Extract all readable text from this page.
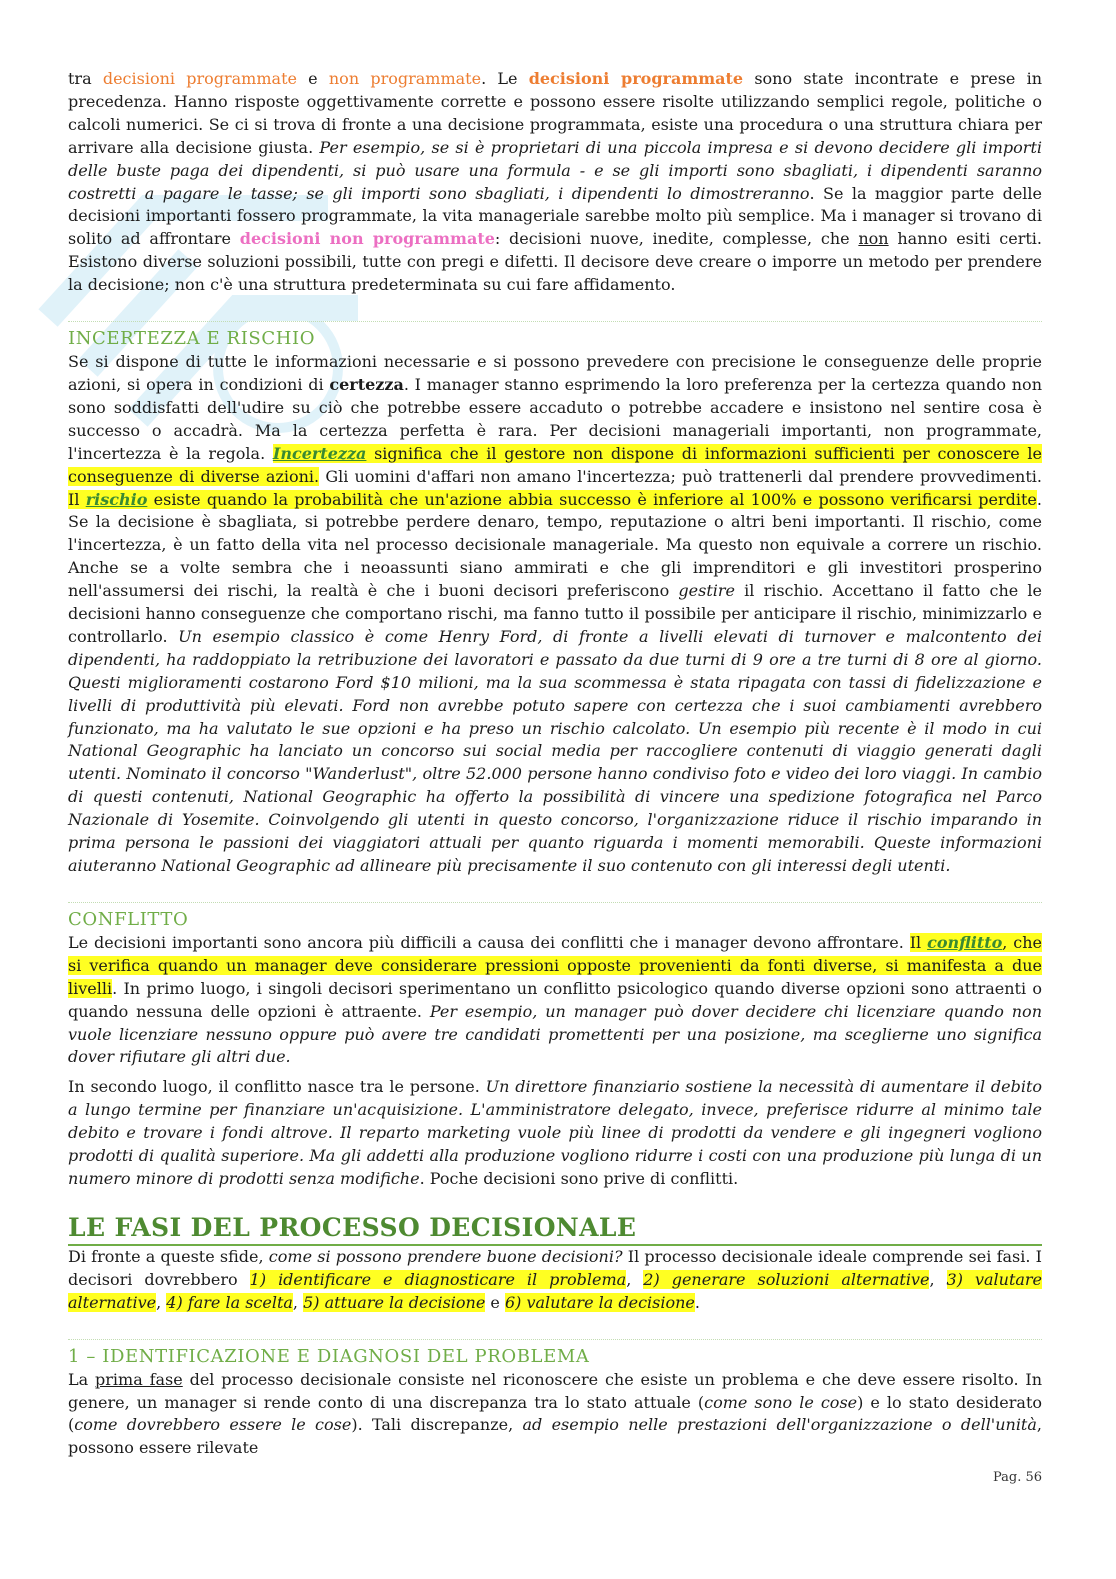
tra decisioni programmate e non programmate. Le decisioni programmate sono state incontrate e prese in precedenza. Hanno risposte oggettivamente corrette e possono essere risolte utilizzando semplici regole, politiche o calcoli numerici. Se ci si trova di fronte a una decisione programmata, esiste una procedura o una struttura chiara per arrivare alla decisione giusta. Per esempio, se si è proprietari di una piccola impresa e si devono decidere gli importi delle buste paga dei dipendenti, si può usare una formula - e se gli importi sono sbagliati, i dipendenti saranno costretti a pagare le tasse; se gli importi sono sbagliati, i dipendenti lo dimostreranno. Se la maggior parte delle decisioni importanti fossero programmate, la vita manageriale sarebbe molto più semplice. Ma i manager si trovano di solito ad affrontare decisioni non programmate: decisioni nuove, inedite, complesse, che non hanno esiti certi. Esistono diverse soluzioni possibili, tutte con pregi e difetti. Il decisore deve creare o imporre un metodo per prendere la decisione; non c'è una struttura predeterminata su cui fare affidamento.

INCERTEZZA E RISCHIO

Se si dispone di tutte le informazioni necessarie e si possono prevedere con precisione le conseguenze delle proprie azioni, si opera in condizioni di certezza. I manager stanno esprimendo la loro preferenza per la certezza quando non sono soddisfatti dell'udire su ciò che potrebbe essere accaduto o potrebbe accadere e insistono nel sentire cosa è successo o accadrà. Ma la certezza perfetta è rara. Per decisioni manageriali importanti, non programmate, l'incertezza è la regola. Incertezza significa che il gestore non dispone di informazioni sufficienti per conoscere le conseguenze di diverse azioni. Gli uomini d'affari non amano l'incertezza; può trattenerli dal prendere provvedimenti. Il rischio esiste quando la probabilità che un'azione abbia successo è inferiore al 100% e possono verificarsi perdite. Se la decisione è sbagliata, si potrebbe perdere denaro, tempo, reputazione o altri beni importanti. Il rischio, come l'incertezza, è un fatto della vita nel processo decisionale manageriale. Ma questo non equivale a correre un rischio. Anche se a volte sembra che i neoassunti siano ammirati e che gli imprenditori e gli investitori prosperino nell'assumersi dei rischi, la realtà è che i buoni decisori preferiscono gestire il rischio. Accettano il fatto che le decisioni hanno conseguenze che comportano rischi, ma fanno tutto il possibile per anticipare il rischio, minimizzarlo e controllarlo. Un esempio classico è come Henry Ford, di fronte a livelli elevati di turnover e malcontento dei dipendenti, ha raddoppiato la retribuzione dei lavoratori e passato da due turni di 9 ore a tre turni di 8 ore al giorno. Questi miglioramenti costarono Ford $10 milioni, ma la sua scommessa è stata ripagata con tassi di fidelizzazione e livelli di produttività più elevati. Ford non avrebbe potuto sapere con certezza che i suoi cambiamenti avrebbero funzionato, ma ha valutato le sue opzioni e ha preso un rischio calcolato. Un esempio più recente è il modo in cui National Geographic ha lanciato un concorso sui social media per raccogliere contenuti di viaggio generati dagli utenti. Nominato il concorso "Wanderlust", oltre 52.000 persone hanno condiviso foto e video dei loro viaggi. In cambio di questi contenuti, National Geographic ha offerto la possibilità di vincere una spedizione fotografica nel Parco Nazionale di Yosemite. Coinvolgendo gli utenti in questo concorso, l'organizzazione riduce il rischio imparando in prima persona le passioni dei viaggiatori attuali per quanto riguarda i momenti memorabili. Queste informazioni aiuteranno National Geographic ad allineare più precisamente il suo contenuto con gli interessi degli utenti.

CONFLITTO

Le decisioni importanti sono ancora più difficili a causa dei conflitti che i manager devono affrontare. Il conflitto, che si verifica quando un manager deve considerare pressioni opposte provenienti da fonti diverse, si manifesta a due livelli. In primo luogo, i singoli decisori sperimentano un conflitto psicologico quando diverse opzioni sono attraenti o quando nessuna delle opzioni è attraente. Per esempio, un manager può dover decidere chi licenziare quando non vuole licenziare nessuno oppure può avere tre candidati promettenti per una posizione, ma sceglierne uno significa dover rifiutare gli altri due.

In secondo luogo, il conflitto nasce tra le persone. Un direttore finanziario sostiene la necessità di aumentare il debito a lungo termine per finanziare un'acquisizione. L'amministratore delegato, invece, preferisce ridurre al minimo tale debito e trovare i fondi altrove. Il reparto marketing vuole più linee di prodotti da vendere e gli ingegneri vogliono prodotti di qualità superiore. Ma gli addetti alla produzione vogliono ridurre i costi con una produzione più lunga di un numero minore di prodotti senza modifiche. Poche decisioni sono prive di conflitti.

LE FASI DEL PROCESSO DECISIONALE

Di fronte a queste sfide, come si possono prendere buone decisioni? Il processo decisionale ideale comprende sei fasi. I decisori dovrebbero 1) identificare e diagnosticare il problema, 2) generare soluzioni alternative, 3) valutare alternative, 4) fare la scelta, 5) attuare la decisione e 6) valutare la decisione.

1 – IDENTIFICAZIONE E DIAGNOSI DEL PROBLEMA

La prima fase del processo decisionale consiste nel riconoscere che esiste un problema e che deve essere risolto. In genere, un manager si rende conto di una discrepanza tra lo stato attuale (come sono le cose) e lo stato desiderato (come dovrebbero essere le cose). Tali discrepanze, ad esempio nelle prestazioni dell'organizzazione o dell'unità, possono essere rilevate

Pag. 56
